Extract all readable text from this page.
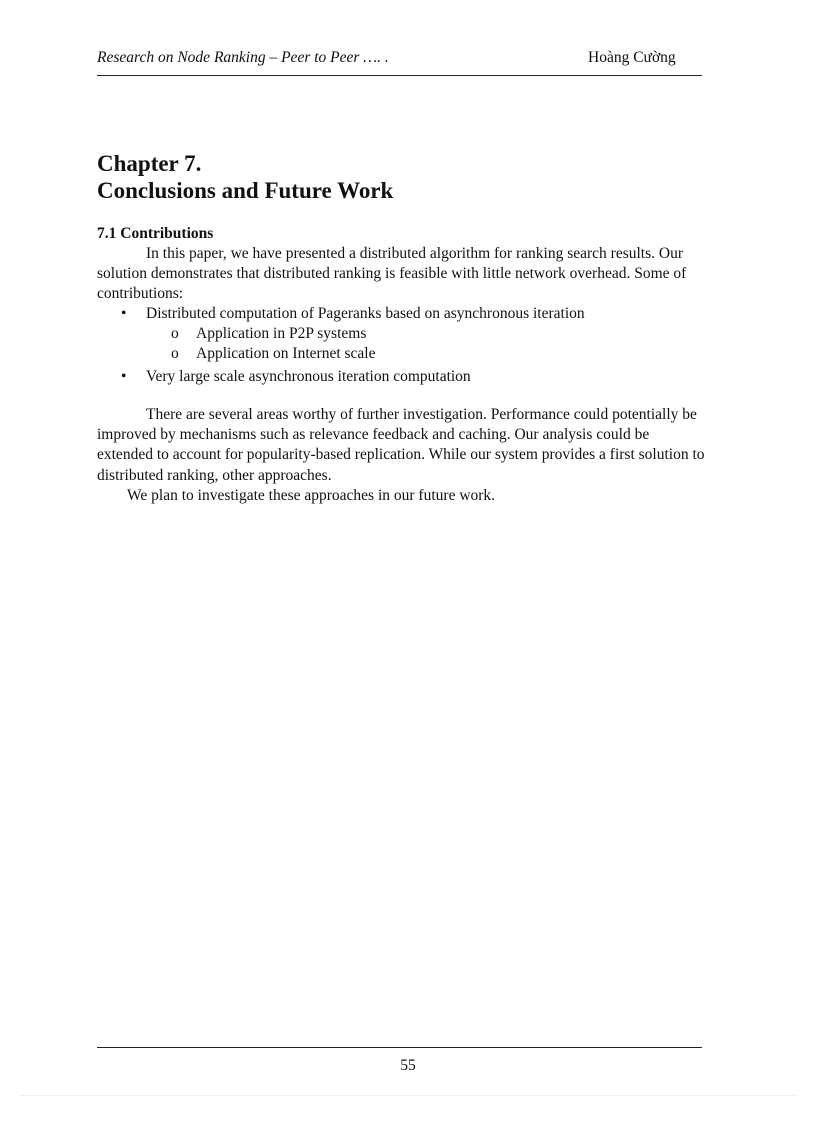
Research on Node Ranking – Peer to Peer …. .	Hoàng Cường
Chapter 7.
Conclusions and Future Work
7.1 Contributions

In this paper, we have presented a distributed algorithm for ranking search results. Our solution demonstrates that distributed ranking is feasible with little network overhead. Some of contributions:

• Distributed computation of Pageranks based on asynchronous iteration
o Application in P2P systems
o Application on Internet scale
• Very large scale asynchronous iteration computation

There are several areas worthy of further investigation. Performance could potentially be improved by mechanisms such as relevance feedback and caching. Our analysis could be extended to account for popularity-based replication. While our system provides a first solution to distributed ranking, other approaches.

We plan to investigate these approaches in our future work.

55
